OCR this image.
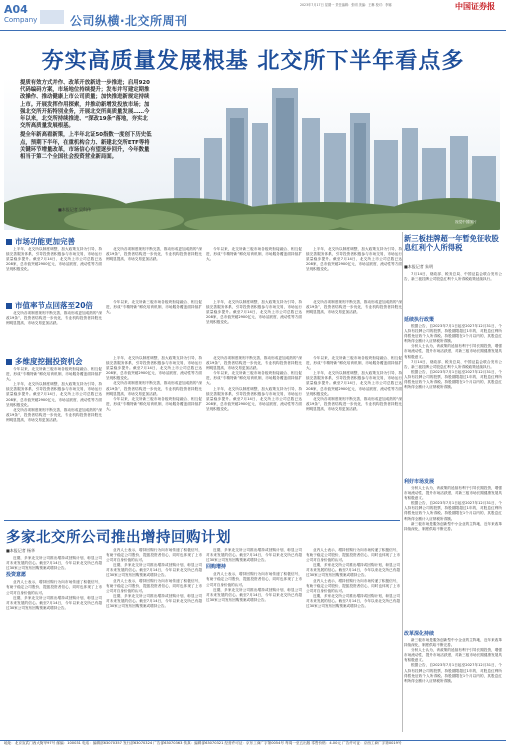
A04
Company
2023年7月17日 星期一 责任编辑：张明 美编：王琳 校对：李娜	中国证券报
公司纵横·北交所周刊
夯实高质量发展根基 北交所下半年看点多

提质有效方式并作、改革开放新进一步推进；启用920代码编码方案，市场地位持续提升；发布并写建定期推改操作、推动健康上市公司质量；加快推进新规定持续上市。开展发挥作用探索，并推动新增发投放市场；加强北交所开拓特别业务，开展北交所高质量发展……今年以来，北交所持续推进、“深改19条”落地，夯实北交所高质量发展根基。

提全年新高看新策，上半年北证50指数一度创下历史低点，预期下半年，在重机构合力、新建北交所ETF等将关键环节增量改革，市场信心有望逐步回升，今年数量相当于第二个全国社会投资营业新局面。

■本报记者 吴科伟
视觉中国图片
市场功能更加完善

上半年，北交所以制度调整，加大政策支持为引导，持续完善服务体系，引导投资者积极参与市场交易，市场运行质量稳步提升。截至7月14日，北交所上市公司总数已达208家，总市值突破2900亿元，市场活跃度、流动性等方面呈现积极变化。

北交所各项制度规则不断完善，推动形成更加成熟的“深改19条”，投资者结构进一步优化，专业机构投资者持股比例明显提高，市场交易更加活跃。

今年以来，北交所新三板市场各板块衔接融合、相互促进，形成“专精特新”孵化培育机制，市场服务覆盖面持续扩大。

上半年，北交所以制度调整，加大政策支持为引导，持续完善服务体系，引导投资者积极参与市场交易，市场运行质量稳步提升。截至7月14日，北交所上市公司总数已达208家，总市值突破2900亿元，市场活跃度、流动性等方面呈现积极变化。

市值率节点回落至20倍

北交所各项制度规则不断完善，推动形成更加成熟的“深改19条”，投资者结构进一步优化，专业机构投资者持股比例明显提高，市场交易更加活跃。

今年以来，北交所新三板市场各板块衔接融合、相互促进，形成“专精特新”孵化培育机制，市场服务覆盖面持续扩大。

上半年，北交所以制度调整，加大政策支持为引导，持续完善服务体系，引导投资者积极参与市场交易，市场运行质量稳步提升。截至7月14日，北交所上市公司总数已达208家，总市值突破2900亿元，市场活跃度、流动性等方面呈现积极变化。

北交所各项制度规则不断完善，推动形成更加成熟的“深改19条”，投资者结构进一步优化，专业机构投资者持股比例明显提高，市场交易更加活跃。

多维度挖掘投资机会

今年以来，北交所新三板市场各板块衔接融合、相互促进，形成“专精特新”孵化培育机制，市场服务覆盖面持续扩大。

上半年，北交所以制度调整，加大政策支持为引导，持续完善服务体系，引导投资者积极参与市场交易，市场运行质量稳步提升。截至7月14日，北交所上市公司总数已达208家，总市值突破2900亿元，市场活跃度、流动性等方面呈现积极变化。

北交所各项制度规则不断完善，推动形成更加成熟的“深改19条”，投资者结构进一步优化，专业机构投资者持股比例明显提高，市场交易更加活跃。

上半年，北交所以制度调整，加大政策支持为引导，持续完善服务体系，引导投资者积极参与市场交易，市场运行质量稳步提升。截至7月14日，北交所上市公司总数已达208家，总市值突破2900亿元，市场活跃度、流动性等方面呈现积极变化。

北交所各项制度规则不断完善，推动形成更加成熟的“深改19条”，投资者结构进一步优化，专业机构投资者持股比例明显提高，市场交易更加活跃。

今年以来，北交所新三板市场各板块衔接融合、相互促进，形成“专精特新”孵化培育机制，市场服务覆盖面持续扩大。

北交所各项制度规则不断完善，推动形成更加成熟的“深改19条”，投资者结构进一步优化，专业机构投资者持股比例明显提高，市场交易更加活跃。

今年以来，北交所新三板市场各板块衔接融合、相互促进，形成“专精特新”孵化培育机制，市场服务覆盖面持续扩大。

上半年，北交所以制度调整，加大政策支持为引导，持续完善服务体系，引导投资者积极参与市场交易，市场运行质量稳步提升。截至7月14日，北交所上市公司总数已达208家，总市值突破2900亿元，市场活跃度、流动性等方面呈现积极变化。

今年以来，北交所新三板市场各板块衔接融合、相互促进，形成“专精特新”孵化培育机制，市场服务覆盖面持续扩大。

上半年，北交所以制度调整，加大政策支持为引导，持续完善服务体系，引导投资者积极参与市场交易，市场运行质量稳步提升。截至7月14日，北交所上市公司总数已达208家，总市值突破2900亿元，市场活跃度、流动性等方面呈现积极变化。

北交所各项制度规则不断完善，推动形成更加成熟的“深改19条”，投资者结构进一步优化，专业机构投资者持股比例明显提高，市场交易更加活跃。

新三板挂牌超一年暂免征收股息红利个人所得税
■本报记者 朱明

7月14日，财政部、税务总局、中国证监会联合发布公告，新三板挂牌公司股息红利个人所得税政策延续执行。

延续执行政策

根据公告，自2023年7月1日起至2027年12月31日，个人持有挂牌公司的股票，持股期限超过1年的，对股息红利所得暂免征收个人所得税。持股期限在1个月以内的，其股息红利所得全额计入应纳税所得额。

分析人士认为，该政策的延续有利于引导长期投资，增强市场流动性，提升市场活跃度，对新三板市场长期健康发展具有积极意义。

7月14日，财政部、税务总局、中国证监会联合发布公告，新三板挂牌公司股息红利个人所得税政策延续执行。

根据公告，自2023年7月1日起至2027年12月31日，个人持有挂牌公司的股票，持股期限超过1年的，对股息红利所得暂免征收个人所得税。持股期限在1个月以内的，其股息红利所得全额计入应纳税所得额。

利好市场发展

分析人士认为，该政策的延续有利于引导长期投资，增强市场流动性，提升市场活跃度，对新三板市场长期健康发展具有积极意义。

根据公告，自2023年7月1日起至2027年12月31日，个人持有挂牌公司的股票，持股期限超过1年的，对股息红利所得暂免征收个人所得税。持股期限在1个月以内的，其股息红利所得全额计入应纳税所得额。

新三板市场是服务创新型中小企业的主阵地，近年来改革持续深化，制度供给不断完善。

改革深化持续

新三板市场是服务创新型中小企业的主阵地，近年来改革持续深化，制度供给不断完善。

分析人士认为，该政策的延续有利于引导长期投资，增强市场流动性，提升市场活跃度，对新三板市场长期健康发展具有积极意义。

根据公告，自2023年7月1日起至2027年12月31日，个人持有挂牌公司的股票，持股期限超过1年的，对股息红利所得暂免征收个人所得税。持股期限在1个月以内的，其股息红利所得全额计入应纳税所得额。

多家北交所公司推出增持回购计划
■本报记者 杨华

近期，多家北交所公司推出增持或回购计划，彰显公司对未来发展的信心。截至7月14日，今年以来北交所已有超过30家公司发布回购预案或增持公告。

投资意愿

业内人士表示，增持回购行为向市场传递了积极信号，有助于稳定公司股价，提振投资者信心，同时也体现了上市公司对自身价值的认可。

近期，多家北交所公司推出增持或回购计划，彰显公司对未来发展的信心。截至7月14日，今年以来北交所已有超过30家公司发布回购预案或增持公告。

业内人士表示，增持回购行为向市场传递了积极信号，有助于稳定公司股价，提振投资者信心，同时也体现了上市公司对自身价值的认可。

近期，多家北交所公司推出增持或回购计划，彰显公司对未来发展的信心。截至7月14日，今年以来北交所已有超过30家公司发布回购预案或增持公告。

业内人士表示，增持回购行为向市场传递了积极信号，有助于稳定公司股价，提振投资者信心，同时也体现了上市公司对自身价值的认可。

近期，多家北交所公司推出增持或回购计划，彰显公司对未来发展的信心。截至7月14日，今年以来北交所已有超过30家公司发布回购预案或增持公告。

近期，多家北交所公司推出增持或回购计划，彰显公司对未来发展的信心。截至7月14日，今年以来北交所已有超过30家公司发布回购预案或增持公告。

回购增持

业内人士表示，增持回购行为向市场传递了积极信号，有助于稳定公司股价，提振投资者信心，同时也体现了上市公司对自身价值的认可。

近期，多家北交所公司推出增持或回购计划，彰显公司对未来发展的信心。截至7月14日，今年以来北交所已有超过30家公司发布回购预案或增持公告。

业内人士表示，增持回购行为向市场传递了积极信号，有助于稳定公司股价，提振投资者信心，同时也体现了上市公司对自身价值的认可。

近期，多家北交所公司推出增持或回购计划，彰显公司对未来发展的信心。截至7月14日，今年以来北交所已有超过30家公司发布回购预案或增持公告。

业内人士表示，增持回购行为向市场传递了积极信号，有助于稳定公司股价，提振投资者信心，同时也体现了上市公司对自身价值的认可。

近期，多家北交所公司推出增持或回购计划，彰显公司对未来发展的信心。截至7月14日，今年以来北交所已有超过30家公司发布回购预案或增持公告。

地址：北京宣武门西大街甲97号 邮编：100031 电话：编辑部63070357 发行部63070324 广告部63070363 传真：编辑部63070321 经营许可证：京东工商广字第0054号 每周一至五出版 零售价格：4.00元 广告许可证：京西工商广字第0019号
